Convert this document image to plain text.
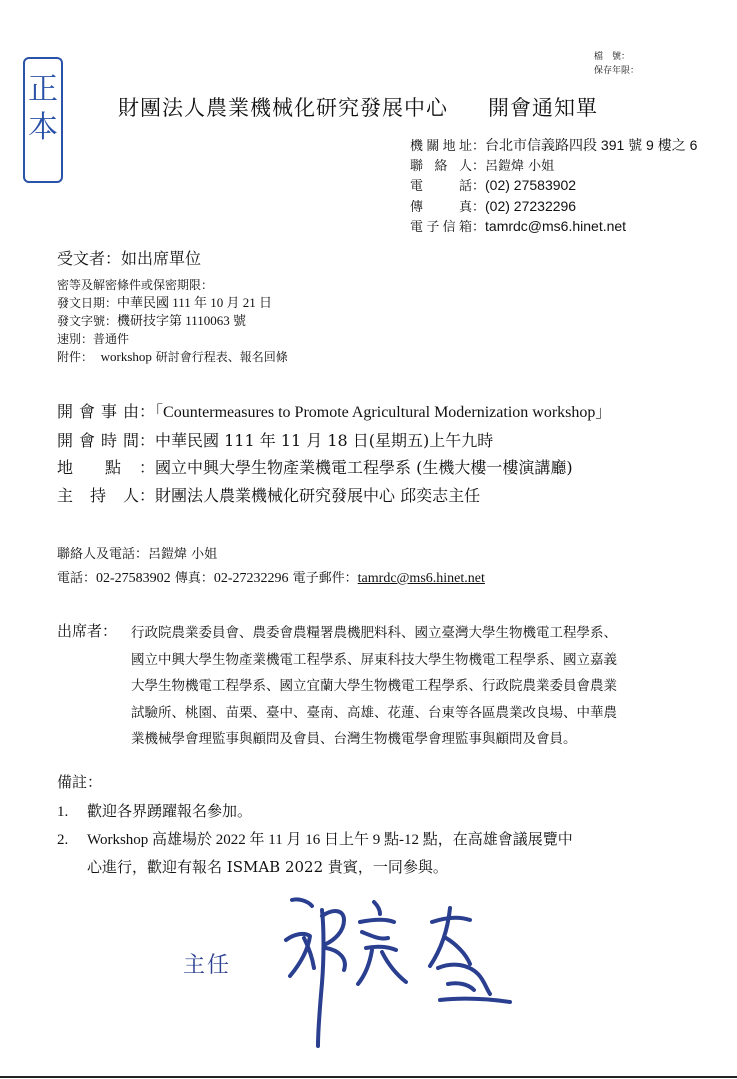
正
本
檔　號：
保存年限：
財團法人農業機械化研究發展中心 開會通知單
機關地址：台北市信義路四段 391 號 9 樓之 6
聯 絡 人：呂鎧煒 小姐
電　話：(02) 27583902
傳　真：(02) 27232296
電子信箱：tamrdc@ms6.hinet.net
受文者：如出席單位
密等及解密條件或保密期限：
發文日期：中華民國 111 年 10 月 21 日
發文字號：機研技字第 1110063 號
速別：普通件
附件： workshop 研討會行程表、報名回條
開會事由：「Countermeasures to Promote Agricultural Modernization workshop」
開會時間：中華民國 111 年 11 月 18 日(星期五)上午九時
地　　點 ：國立中興大學生物產業機電工程學系 (生機大樓一樓演講廳)
主 持 人：財團法人農業機械化研究發展中心 邱奕志主任
聯絡人及電話：呂鎧煒 小姐
電話：02-27583902 傳真：02-27232296 電子郵件：tamrdc@ms6.hinet.net
出席者： 行政院農業委員會、農委會農糧署農機肥料科、國立臺灣大學生物機電工程學系、
國立中興大學生物產業機電工程學系、屏東科技大學生物機電工程學系、國立嘉義
大學生物機電工程學系、國立宜蘭大學生物機電工程學系、行政院農業委員會農業
試驗所、桃園、苗栗、臺中、臺南、高雄、花蓮、台東等各區農業改良場、中華農
業機械學會理監事與顧問及會員、台灣生物機電學會理監事與顧問及會員。
備註：
1. 歡迎各界踴躍報名參加。
2. Workshop 高雄場於 2022 年 11 月 16 日上午 9 點-12 點，在高雄會議展覽中
心進行，歡迎有報名 ISMAB 2022 貴賓，一同參與。
主任
